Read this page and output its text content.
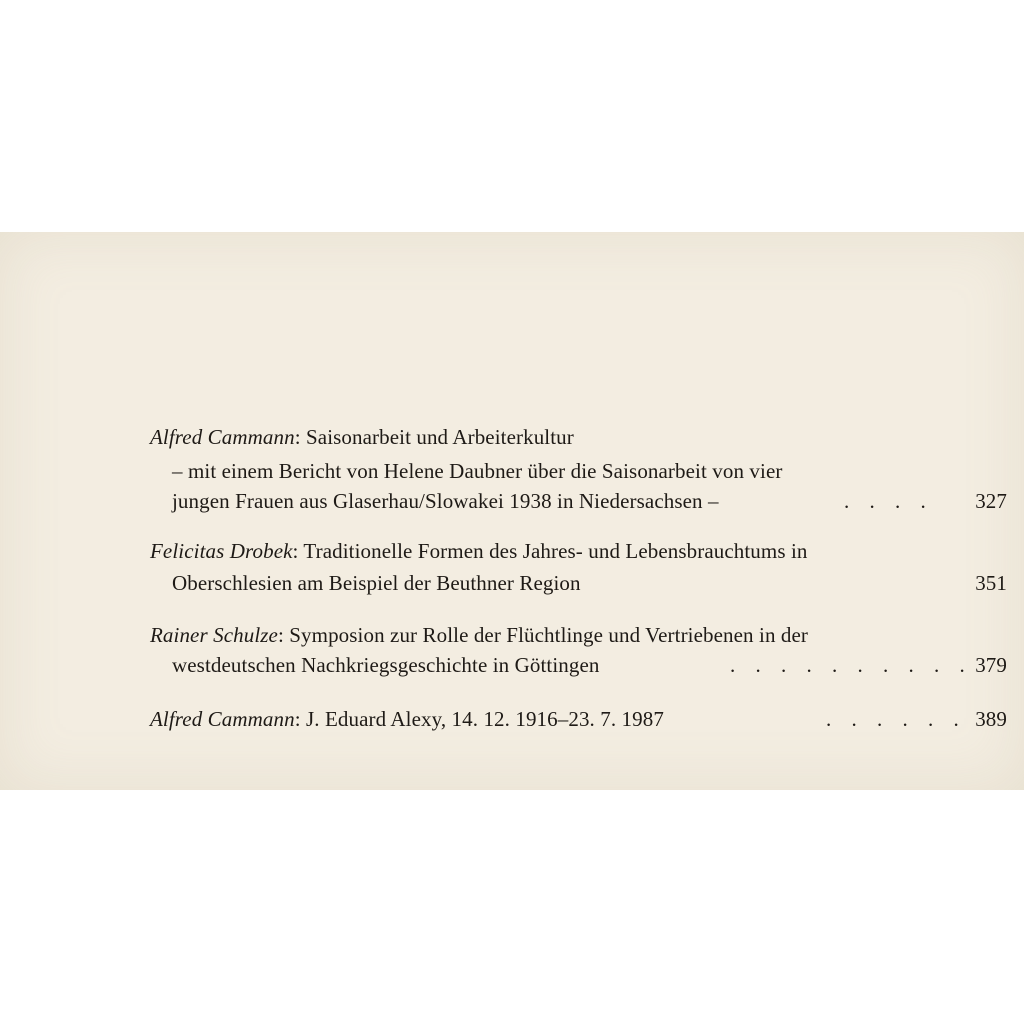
Alfred Cammann: Saisonarbeit und Arbeiterkultur
– mit einem Bericht von Helene Daubner über die Saisonarbeit von vier
jungen Frauen aus Glaserhau/Slowakei 1938 in Niedersachsen –	. . . . 327
Felicitas Drobek: Traditionelle Formen des Jahres- und Lebensbrauchtums in
Oberschlesien am Beispiel der Beuthner Region	351
Rainer Schulze: Symposion zur Rolle der Flüchtlinge und Vertriebenen in der
westdeutschen Nachkriegsgeschichte in Göttingen	. . . . . . . . . . 379
Alfred Cammann: J. Eduard Alexy, 14. 12. 1916–23. 7. 1987	. . . . . . 389
